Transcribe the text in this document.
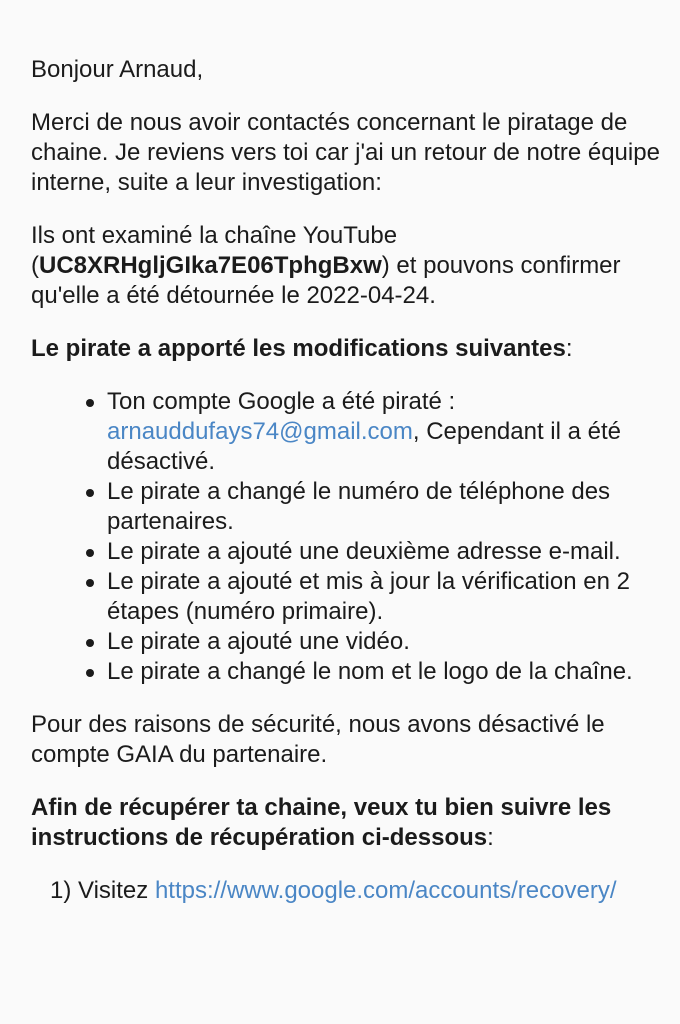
Bonjour Arnaud,

Merci de nous avoir contactés concernant le piratage de chaine. Je reviens vers toi car j'ai un retour de notre équipe interne, suite a leur investigation:

Ils ont examiné la chaîne YouTube (UC8XRHgljGIka7E06TphgBxw) et pouvons confirmer qu'elle a été détournée le 2022-04-24.

Le pirate a apporté les modifications suivantes:

Ton compte Google a été piraté : arnauddufays74@gmail.com, Cependant il a été désactivé.
Le pirate a changé le numéro de téléphone des partenaires.
Le pirate a ajouté une deuxième adresse e-mail.
Le pirate a ajouté et mis à jour la vérification en 2 étapes (numéro primaire).
Le pirate a ajouté une vidéo.
Le pirate a changé le nom et le logo de la chaîne.

Pour des raisons de sécurité, nous avons désactivé le compte GAIA du partenaire.

Afin de récupérer ta chaine, veux tu bien suivre les instructions de récupération ci-dessous:

1) Visitez https://www.google.com/accounts/recovery/
